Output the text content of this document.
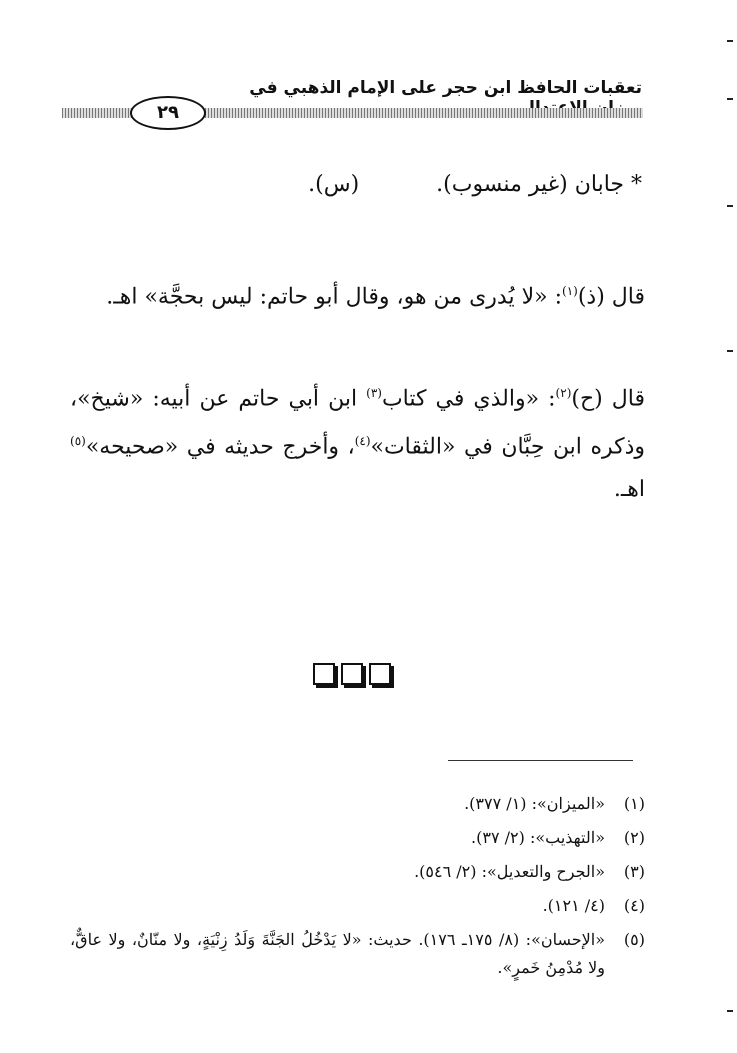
تعقبات الحافظ ابن حجر على الإمام الذهبي في
٢٩
* جابان (غير منسوب). (س).
قال (ذ)$^{(١)}$: «لا يُدرى من هو، وقال أبو حاتم: ليس بحجَّة» اهـ.
قال (ح)$^{(٢)}$: «والذي في كتاب$^{(٣)}$ ابن أبي حاتم عن أبيه: «شيخ»، وذكره ابن حِبَّان في «الثقات»$^{(٤)}$، وأخرج حديثه في «صحيحه»$^{(٥)}$ اهـ.
(١)
«الميزان»: (١/ ٣٧٧).
(٢)
«التهذيب»: (٢/ ٣٧).
(٣)
«الجرح والتعديل»: (٢/ ٥٤٦).
(٤)
(٤/ ١٢١).
(٥)
«الإحسان»: (٨/ ١٧٥ـ ١٧٦). حديث: «لا يَدْخُلُ الجَنَّةَ وَلَدُ زِنْيَةٍ، ولا منّانٌ، ولا عاقٌّ، ولا مُدْمِنُ خَمرٍ».
